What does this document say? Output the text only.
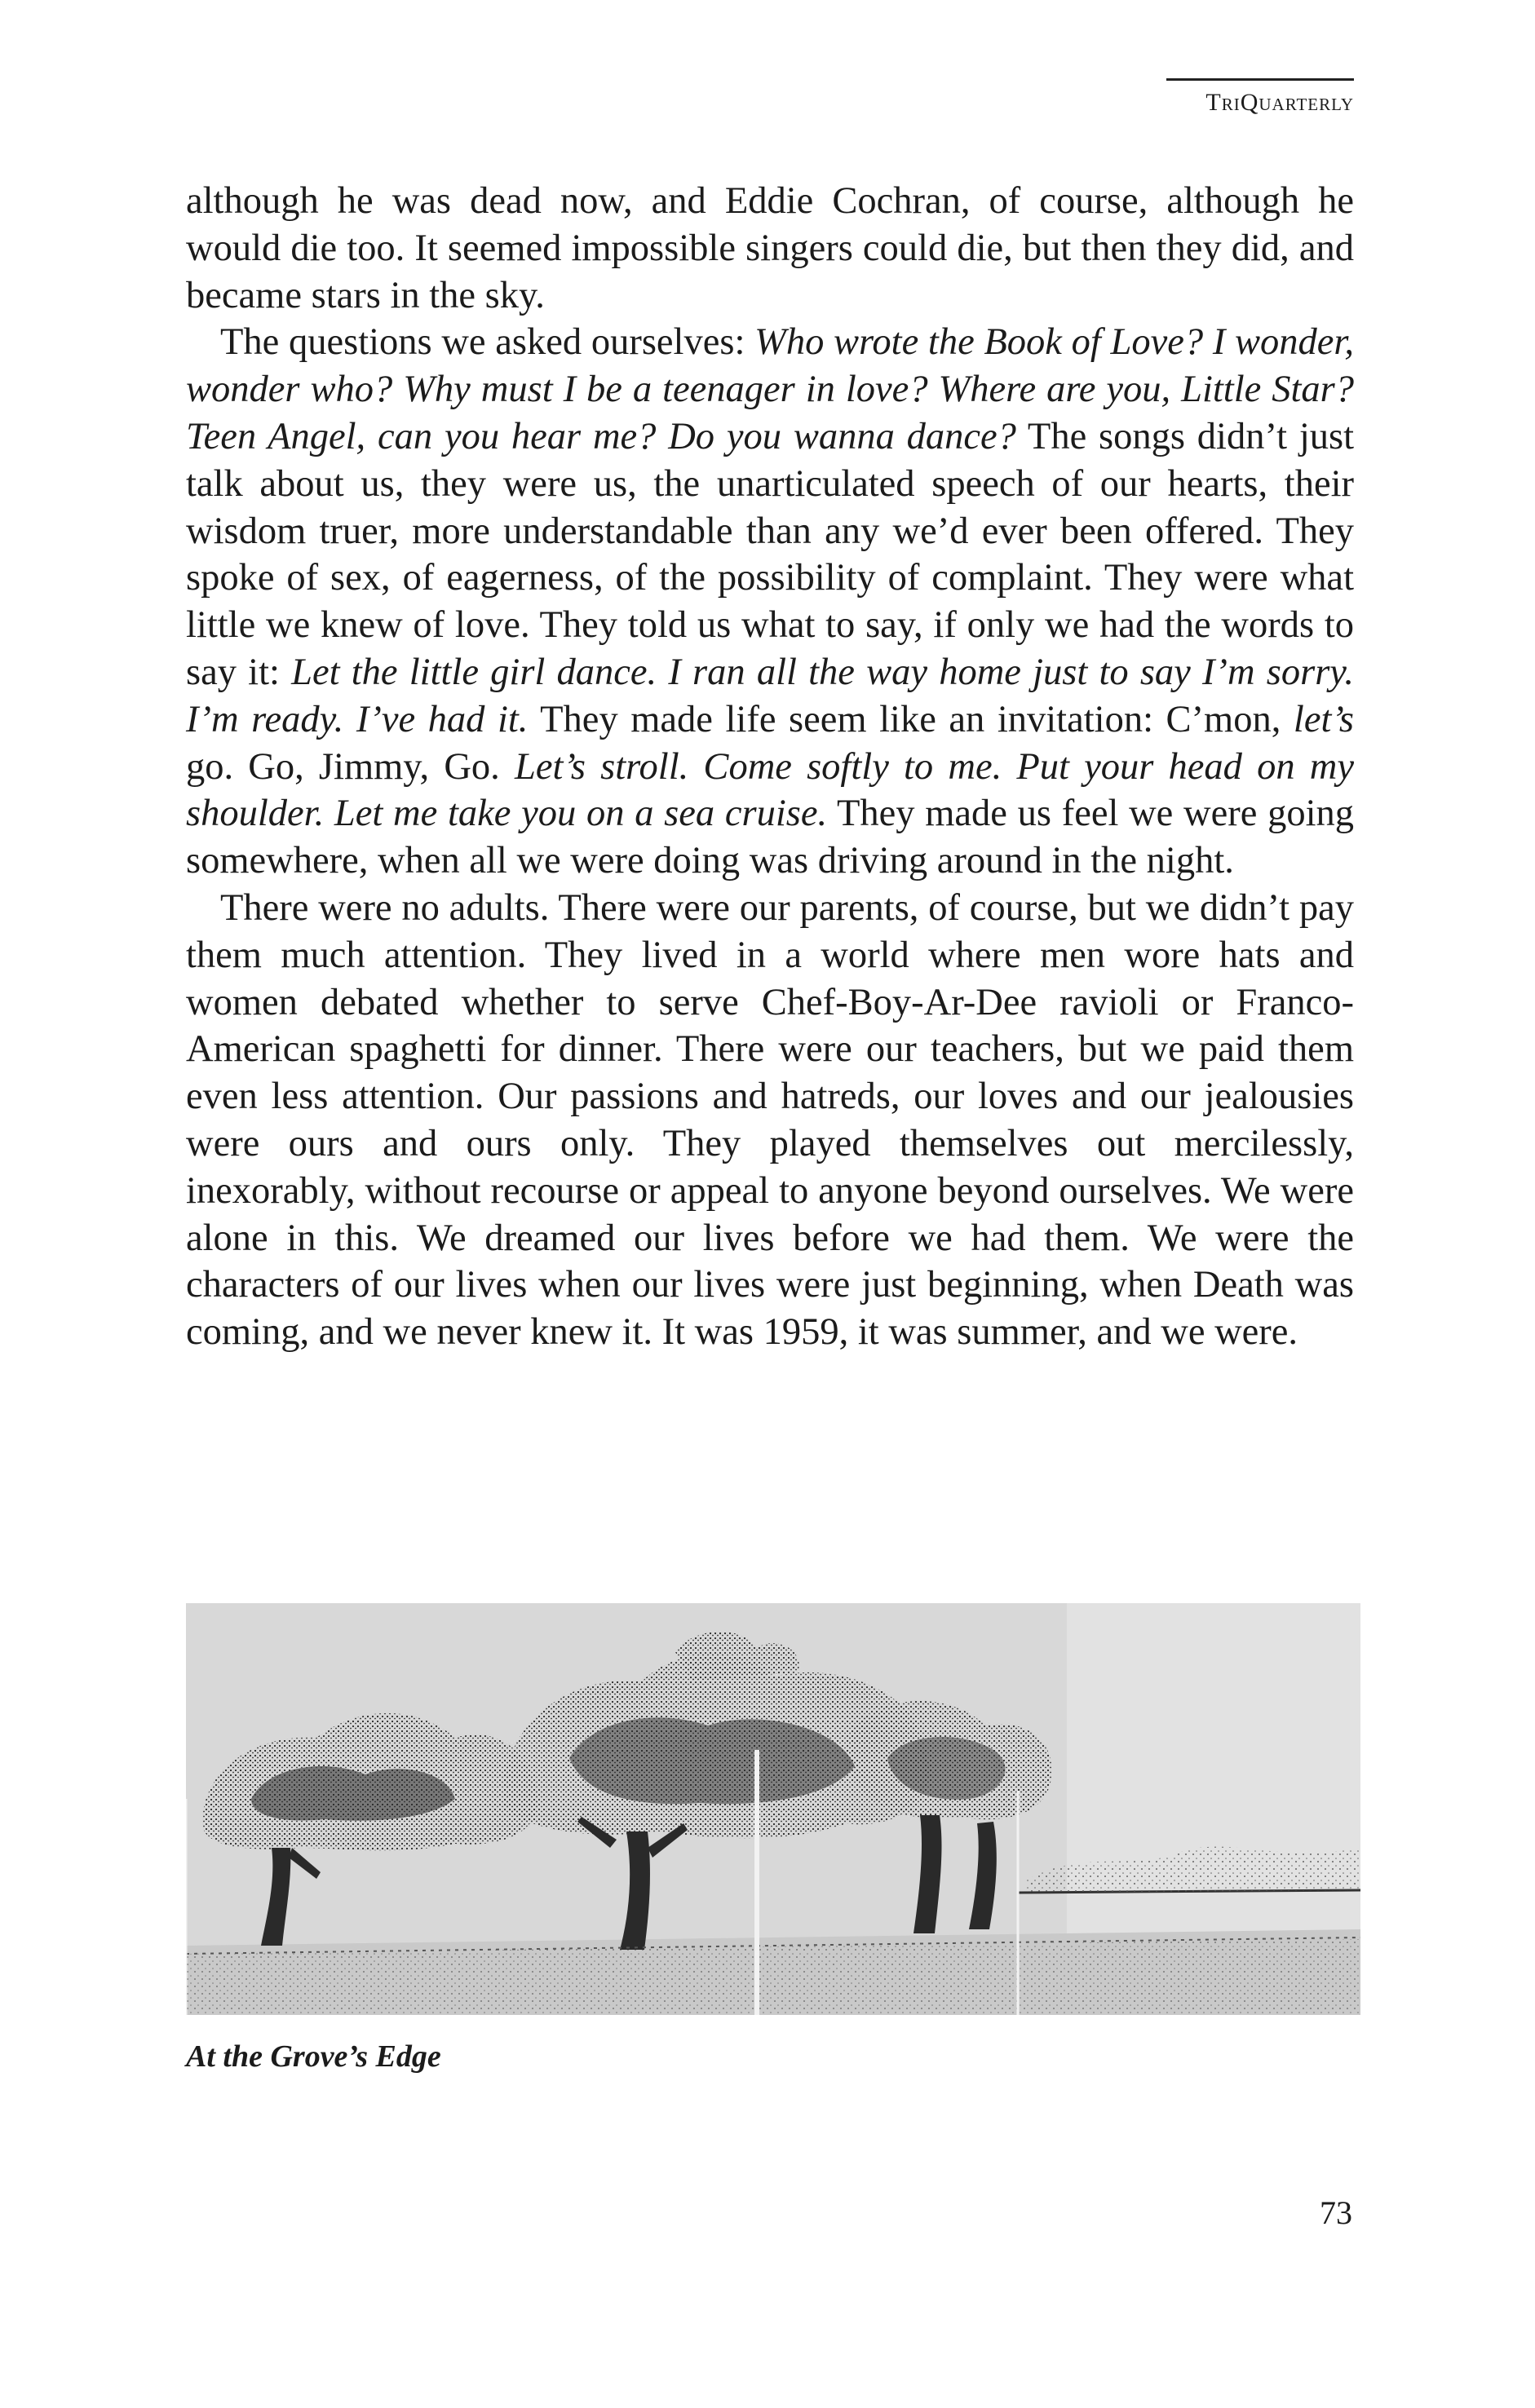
TriQuarterly

although he was dead now, and Eddie Cochran, of course, although he would die too. It seemed impossible singers could die, but then they did, and became stars in the sky.

The questions we asked ourselves: Who wrote the Book of Love? I wonder, wonder who? Why must I be a teenager in love? Where are you, Little Star? Teen Angel, can you hear me? Do you wanna dance? The songs didn’t just talk about us, they were us, the unarticulated speech of our hearts, their wisdom truer, more understandable than any we’d ever been offered. They spoke of sex, of eagerness, of the possibility of complaint. They were what little we knew of love. They told us what to say, if only we had the words to say it: Let the little girl dance. I ran all the way home just to say I’m sorry. I’m ready. I’ve had it. They made life seem like an invitation: C’mon, let’s go. Go, Jimmy, Go. Let’s stroll. Come softly to me. Put your head on my shoulder. Let me take you on a sea cruise. They made us feel we were going somewhere, when all we were doing was driving around in the night.

There were no adults. There were our parents, of course, but we didn’t pay them much attention. They lived in a world where men wore hats and women debated whether to serve Chef-Boy-Ar-Dee ravioli or Franco-American spaghetti for dinner. There were our teachers, but we paid them even less attention. Our passions and hatreds, our loves and our jealousies were ours and ours only. They played themselves out mercilessly, inexorably, without recourse or appeal to anyone beyond ourselves. We were alone in this. We dreamed our lives before we had them. We were the characters of our lives when our lives were just beginning, when Death was coming, and we never knew it. It was 1959, it was summer, and we were.

At the Grove’s Edge
73
